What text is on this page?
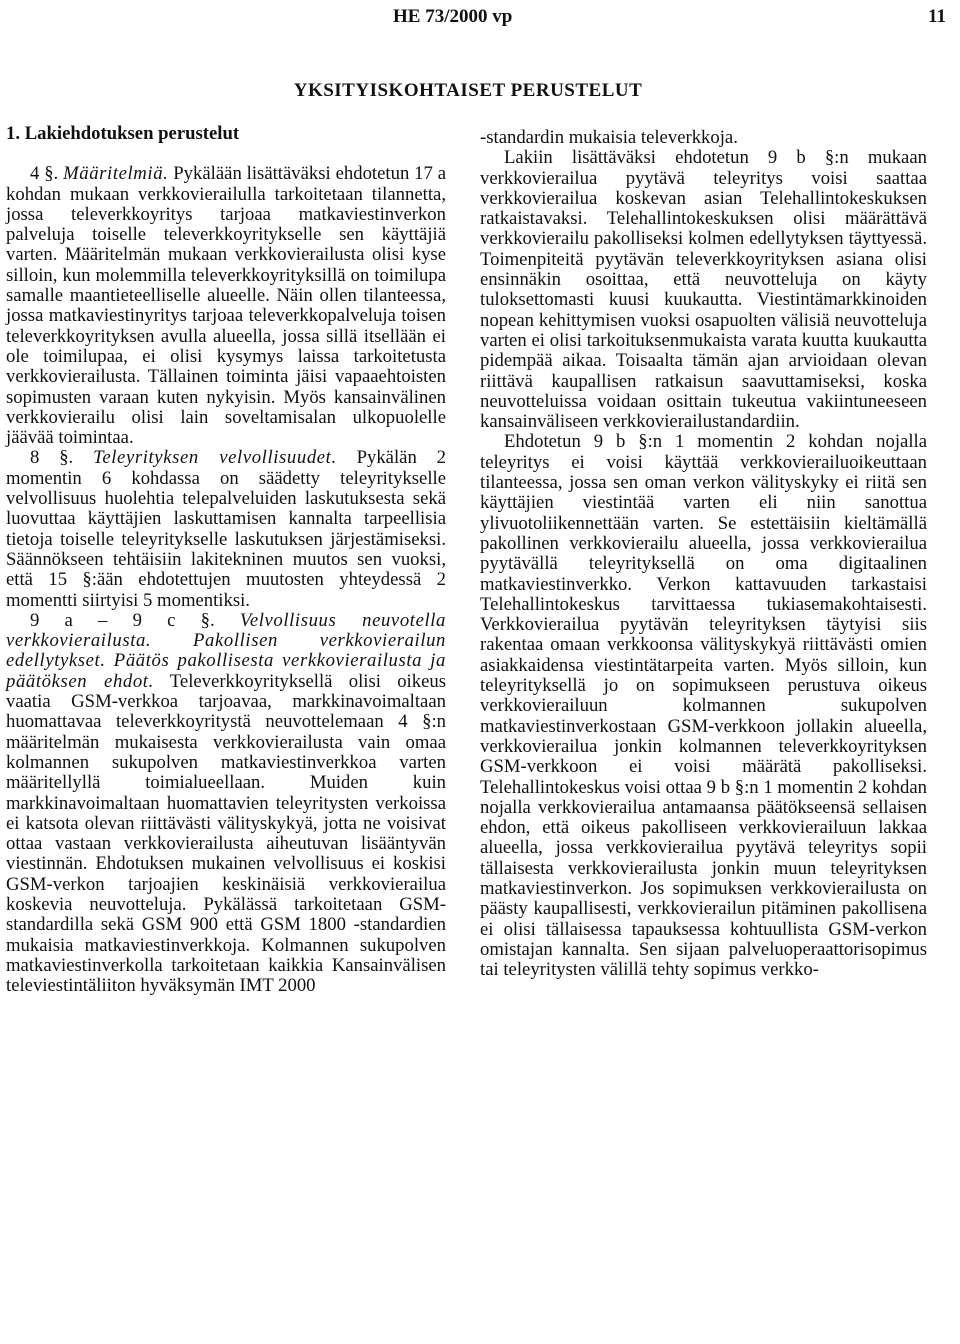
HE 73/2000 vp	11
YKSITYISKOHTAISET PERUSTELUT

1. Lakiehdotuksen perustelut

4 §. Määritelmiä. Pykälään lisättäväksi ehdotetun 17 a kohdan mukaan verkkovierailulla tarkoitetaan tilannetta, jossa televerkkoyritys tarjoaa matkaviestinverkon palveluja toiselle televerkkoyritykselle sen käyttäjiä varten. Määritelmän mukaan verkkovierailusta olisi kyse silloin, kun molemmilla televerkkoyrityksillä on toimilupa samalle maantieteelliselle alueelle. Näin ollen tilanteessa, jossa matkaviestinyritys tarjoaa televerkkopalveluja toisen televerkkoyrityksen avulla alueella, jossa sillä itsellään ei ole toimilupaa, ei olisi kysymys laissa tarkoitetusta verkkovierailusta. Tällainen toiminta jäisi vapaaehtoisten sopimusten varaan kuten nykyisin. Myös kansainvälinen verkkovierailu olisi lain soveltamisalan ulkopuolelle jäävää toimintaa.

8 §. Teleyrityksen velvollisuudet. Pykälän 2 momentin 6 kohdassa on säädetty teleyritykselle velvollisuus huolehtia telepalveluiden laskutuksesta sekä luovuttaa käyttäjien laskuttamisen kannalta tarpeellisia tietoja toiselle teleyritykselle laskutuksen järjestämiseksi. Säännökseen tehtäisiin lakitekninen muutos sen vuoksi, että 15 §:ään ehdotettujen muutosten yhteydessä 2 momentti siirtyisi 5 momentiksi.

9 a – 9 c §. Velvollisuus neuvotella verkkovierailusta. Pakollisen verkkovierailun edellytykset. Päätös pakollisesta verkkovierailusta ja päätöksen ehdot. Televerkkoyrityksellä olisi oikeus vaatia GSM-verkkoa tarjoavaa, markkinavoimaltaan huomattavaa televerkkoyritystä neuvottelemaan 4 §:n määritelmän mukaisesta verkkovierailusta vain omaa kolmannen sukupolven matkaviestinverkkoa varten määritellyllä toimialueellaan. Muiden kuin markkinavoimaltaan huomattavien teleyritysten verkoissa ei katsota olevan riittävästi välityskykyä, jotta ne voisivat ottaa vastaan verkkovierailusta aiheutuvan lisääntyvän viestinnän. Ehdotuksen mukainen velvollisuus ei koskisi GSM-verkon tarjoajien keskinäisiä verkkovierailua koskevia neuvotteluja. Pykälässä tarkoitetaan GSM-standardilla sekä GSM 900 että GSM 1800 -standardien mukaisia matkaviestinverkkoja. Kolmannen sukupolven matkaviestinverkolla tarkoitetaan kaikkia Kansainvälisen televiestintäliiton hyväksymän IMT 2000

-standardin mukaisia televerkkoja.

Lakiin lisättäväksi ehdotetun 9 b §:n mukaan verkkovierailua pyytävä teleyritys voisi saattaa verkkovierailua koskevan asian Telehallintokeskuksen ratkaistavaksi. Telehallintokeskuksen olisi määrättävä verkkovierailu pakolliseksi kolmen edellytyksen täyttyessä. Toimenpiteitä pyytävän televerkkoyrityksen asiana olisi ensinnäkin osoittaa, että neuvotteluja on käyty tuloksettomasti kuusi kuukautta. Viestintämarkkinoiden nopean kehittymisen vuoksi osapuolten välisiä neuvotteluja varten ei olisi tarkoituksenmukaista varata kuutta kuukautta pidempää aikaa. Toisaalta tämän ajan arvioidaan olevan riittävä kaupallisen ratkaisun saavuttamiseksi, koska neuvotteluissa voidaan osittain tukeutua vakiintuneeseen kansainväliseen verkkovierailustandardiin.

Ehdotetun 9 b §:n 1 momentin 2 kohdan nojalla teleyritys ei voisi käyttää verkkovierailuoikeuttaan tilanteessa, jossa sen oman verkon välityskyky ei riitä sen käyttäjien viestintää varten eli niin sanottua ylivuotoliikennettään varten. Se estettäisiin kieltämällä pakollinen verkkovierailu alueella, jossa verkkovierailua pyytävällä teleyrityksellä on oma digitaalinen matkaviestinverkko. Verkon kattavuuden tarkastaisi Telehallintokeskus tarvittaessa tukiasemakohtaisesti. Verkkovierailua pyytävän teleyrityksen täytyisi siis rakentaa omaan verkkoonsa välityskykyä riittävästi omien asiakkaidensa viestintätarpeita varten. Myös silloin, kun teleyrityksellä jo on sopimukseen perustuva oikeus verkkovierailuun kolmannen sukupolven matkaviestinverkostaan GSM-verkkoon jollakin alueella, verkkovierailua jonkin kolmannen televerkkoyrityksen GSM-verkkoon ei voisi määrätä pakolliseksi. Telehallintokeskus voisi ottaa 9 b §:n 1 momentin 2 kohdan nojalla verkkovierailua antamaansa päätökseensä sellaisen ehdon, että oikeus pakolliseen verkkovierailuun lakkaa alueella, jossa verkkovierailua pyytävä teleyritys sopii tällaisesta verkkovierailusta jonkin muun teleyrityksen matkaviestinverkon. Jos sopimuksen verkkovierailusta on päästy kaupallisesti, verkkovierailun pitäminen pakollisena ei olisi tällaisessa tapauksessa kohtuullista GSM-verkon omistajan kannalta. Sen sijaan palveluoperaattorisopimus tai teleyritysten välillä tehty sopimus verkko-
